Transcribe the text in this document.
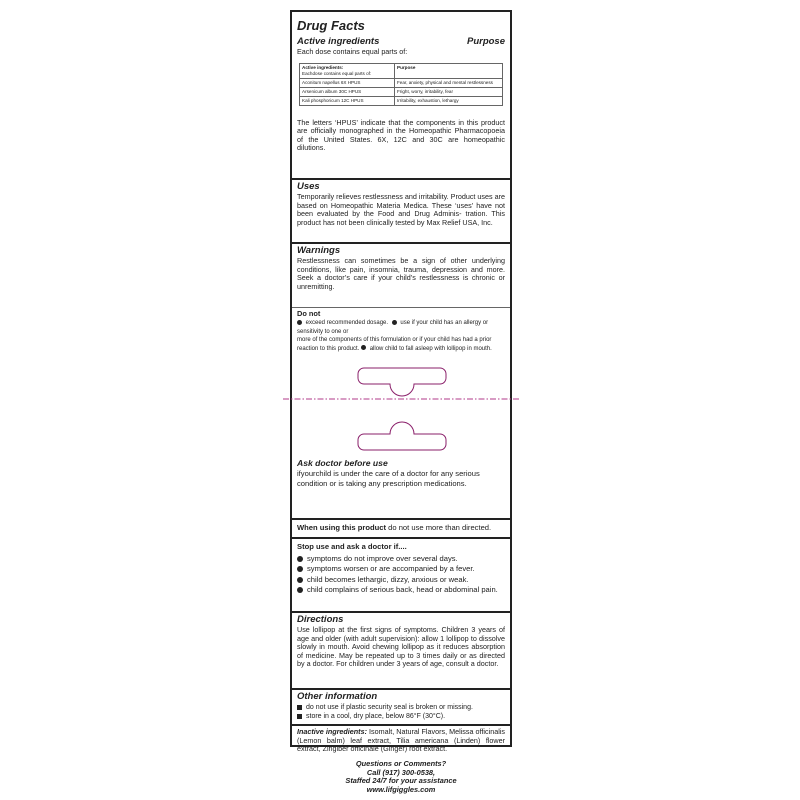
Drug Facts
Active ingredients	Purpose
Each dose contains equal parts of:
Active ingredients:
Eachdose contains equal parts of:	Purpose
Aconitum napellus 6X HPUS	Fear, anxiety, physical and mental restlessness
Arsenicum album 30C HPUS	Fright, worry, irritability, fear
Kali phosphoricum 12C HPUS	Irritability, exhaustion, lethargy
The letters ‘HPUS’ indicate that the components in this product are officially monographed in the Homeopathic Pharmacopoeia of the United States. 6X, 12C and 30C are homeopathic dilutions.
Uses
Temporarily relieves restlessness and irritability. Product uses are based on Homeopathic Materia Medica. These ‘uses’ have not been evaluated by the Food and Drug Adminis- tration. This product has not been clinically tested by Max Relief USA, Inc.
Warnings
Restlessness can sometimes be a sign of other underlying conditions, like pain, insomnia, trauma, depression and more. Seek a doctor’s care if your child’s restlessness is chronic or unremitting.
Do not
exceed recommended dosage. use if your child has an allergy or sensitivity to one or
more of the components of this formulation or if your child has had a prior reaction to this product. allow child to fall asleep with lollipop in mouth.
Ask doctor before use
ifyourchild is under the care of a doctor for any serious condition or is taking any prescription medications.
When using this product do not use more than directed.
Stop use and ask a doctor if....
symptoms do not improve over several days.
symptoms worsen or are accompanied by a fever.
child becomes lethargic, dizzy, anxious or weak.
child complains of serious back, head or abdominal pain.
Directions
Use lollipop at the first signs of symptoms. Children 3 years of age and older (with adult supervision): allow 1 lollipop to dissolve slowly in mouth. Avoid chewing lollipop as it reduces absorption of medicine. May be repeated up to 3 times daily or as directed by a doctor. For children under 3 years of age, consult a doctor.
Other information
do not use if plastic security seal is broken or missing.
store in a cool, dry place, below 86°F (30°C).
Inactive ingredients: Isomalt, Natural Flavors, Melissa officinalis (Lemon balm) leaf extract, Tilia americana (Linden) flower extract, Zingiber officinale (Ginger) root extract.
Questions or Comments?
Call (917) 300-0538,
Staffed 24/7 for your assistance
www.lifgiggles.com
